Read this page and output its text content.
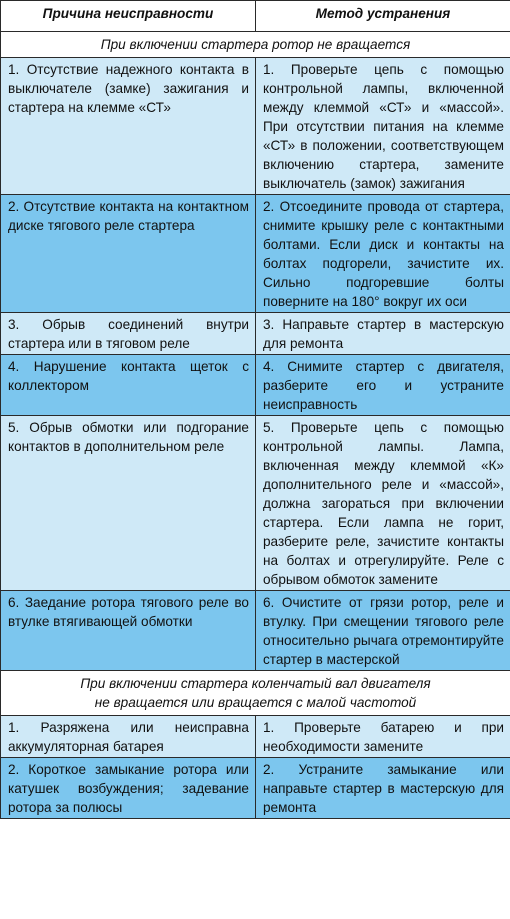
Причина неисправности	Метод устранения
При включении стартера ротор не вращается	
1. Отсутствие надежного контакта в выключателе (замке) зажигания и стартера на клемме «СТ»	1. Проверьте цепь с помощью контрольной лампы, включенной между клеммой «СТ» и «массой». При отсутствии питания на клемме «СТ» в положении, соответствующем включению стартера, замените выключатель (замок) зажигания
2. Отсутствие контакта на контактном диске тягового реле стартера	2. Отсоедините провода от стартера, снимите крышку реле с контактными болтами. Если диск и контакты на болтах подгорели, зачистите их. Сильно подгоревшие болты поверните на 180° вокруг их оси
3. Обрыв соединений внутри стартера или в тяговом реле	3. Направьте стартер в мастерскую для ремонта
4. Нарушение контакта щеток с коллектором	4. Снимите стартер с двигателя, разберите его и устраните неисправность
5. Обрыв обмотки или подгорание контактов в дополнительном реле	5. Проверьте цепь с помощью контрольной лампы. Лампа, включенная между клеммой «К» дополнительного реле и «массой», должна загораться при включении стартера. Если лампа не горит, разберите реле, зачистите контакты на болтах и отрегулируйте. Реле с обрывом обмоток замените
6. Заедание ротора тягового реле во втулке втягивающей обмотки	6. Очистите от грязи ротор, реле и втулку. При смещении тягового реле относительно рычага отремонтируйте стартер в мастерской
При включении стартера коленчатый вал двигателя
не вращается или вращается с малой частотой	
1. Разряжена или неисправна аккумуляторная батарея	1. Проверьте батарею и при необходимости замените
2. Короткое замыкание ротора или катушек возбуждения; задевание ротора за полюсы	2. Устраните замыкание или направьте стартер в мастерскую для ремонта
